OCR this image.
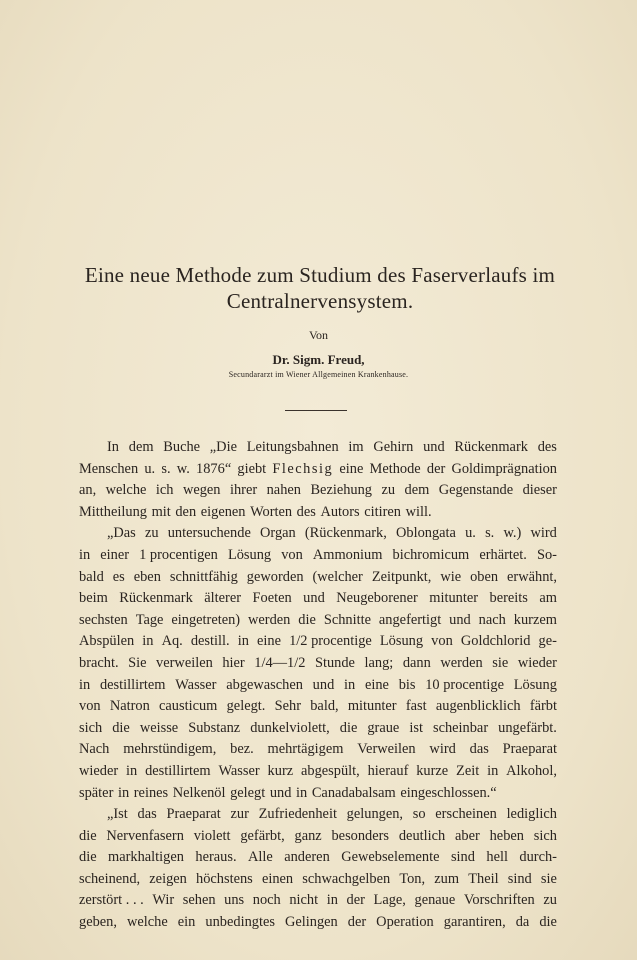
Eine neue Methode zum Studium des Faserverlaufs im
Centralnervensystem.
Von
Dr. Sigm. Freud,
Secundararzt im Wiener Allgemeinen Krankenhause.
In dem Buche „Die Leitungsbahnen im Gehirn und Rückenmark des
Menschen u. s. w. 1876“ giebt Flechsig eine Methode der Goldimprägnation
an, welche ich wegen ihrer nahen Beziehung zu dem Gegenstande dieser
Mittheilung mit den eigenen Worten des Autors citiren will.
„Das zu untersuchende Organ (Rückenmark, Oblongata u. s. w.) wird
in einer 1 procentigen Lösung von Ammonium bichromicum erhärtet. So-
bald es eben schnittfähig geworden (welcher Zeitpunkt, wie oben erwähnt,
beim Rückenmark älterer Foeten und Neugeborener mitunter bereits am
sechsten Tage eingetreten) werden die Schnitte angefertigt und nach kurzem
Abspülen in Aq. destill. in eine 1/2 procentige Lösung von Goldchlorid ge-
bracht. Sie verweilen hier 1/4—1/2 Stunde lang; dann werden sie wieder
in destillirtem Wasser abgewaschen und in eine bis 10 procentige Lösung
von Natron causticum gelegt. Sehr bald, mitunter fast augenblicklich färbt
sich die weisse Substanz dunkelviolett, die graue ist scheinbar ungefärbt.
Nach mehrstündigem, bez. mehrtägigem Verweilen wird das Praeparat
wieder in destillirtem Wasser kurz abgespült, hierauf kurze Zeit in Alkohol,
später in reines Nelkenöl gelegt und in Canadabalsam eingeschlossen.“
„Ist das Praeparat zur Zufriedenheit gelungen, so erscheinen lediglich
die Nervenfasern violett gefärbt, ganz besonders deutlich aber heben sich
die markhaltigen heraus. Alle anderen Gewebselemente sind hell durch-
scheinend, zeigen höchstens einen schwachgelben Ton, zum Theil sind sie
zerstört . . . Wir sehen uns noch nicht in der Lage, genaue Vorschriften zu
geben, welche ein unbedingtes Gelingen der Operation garantiren, da die
